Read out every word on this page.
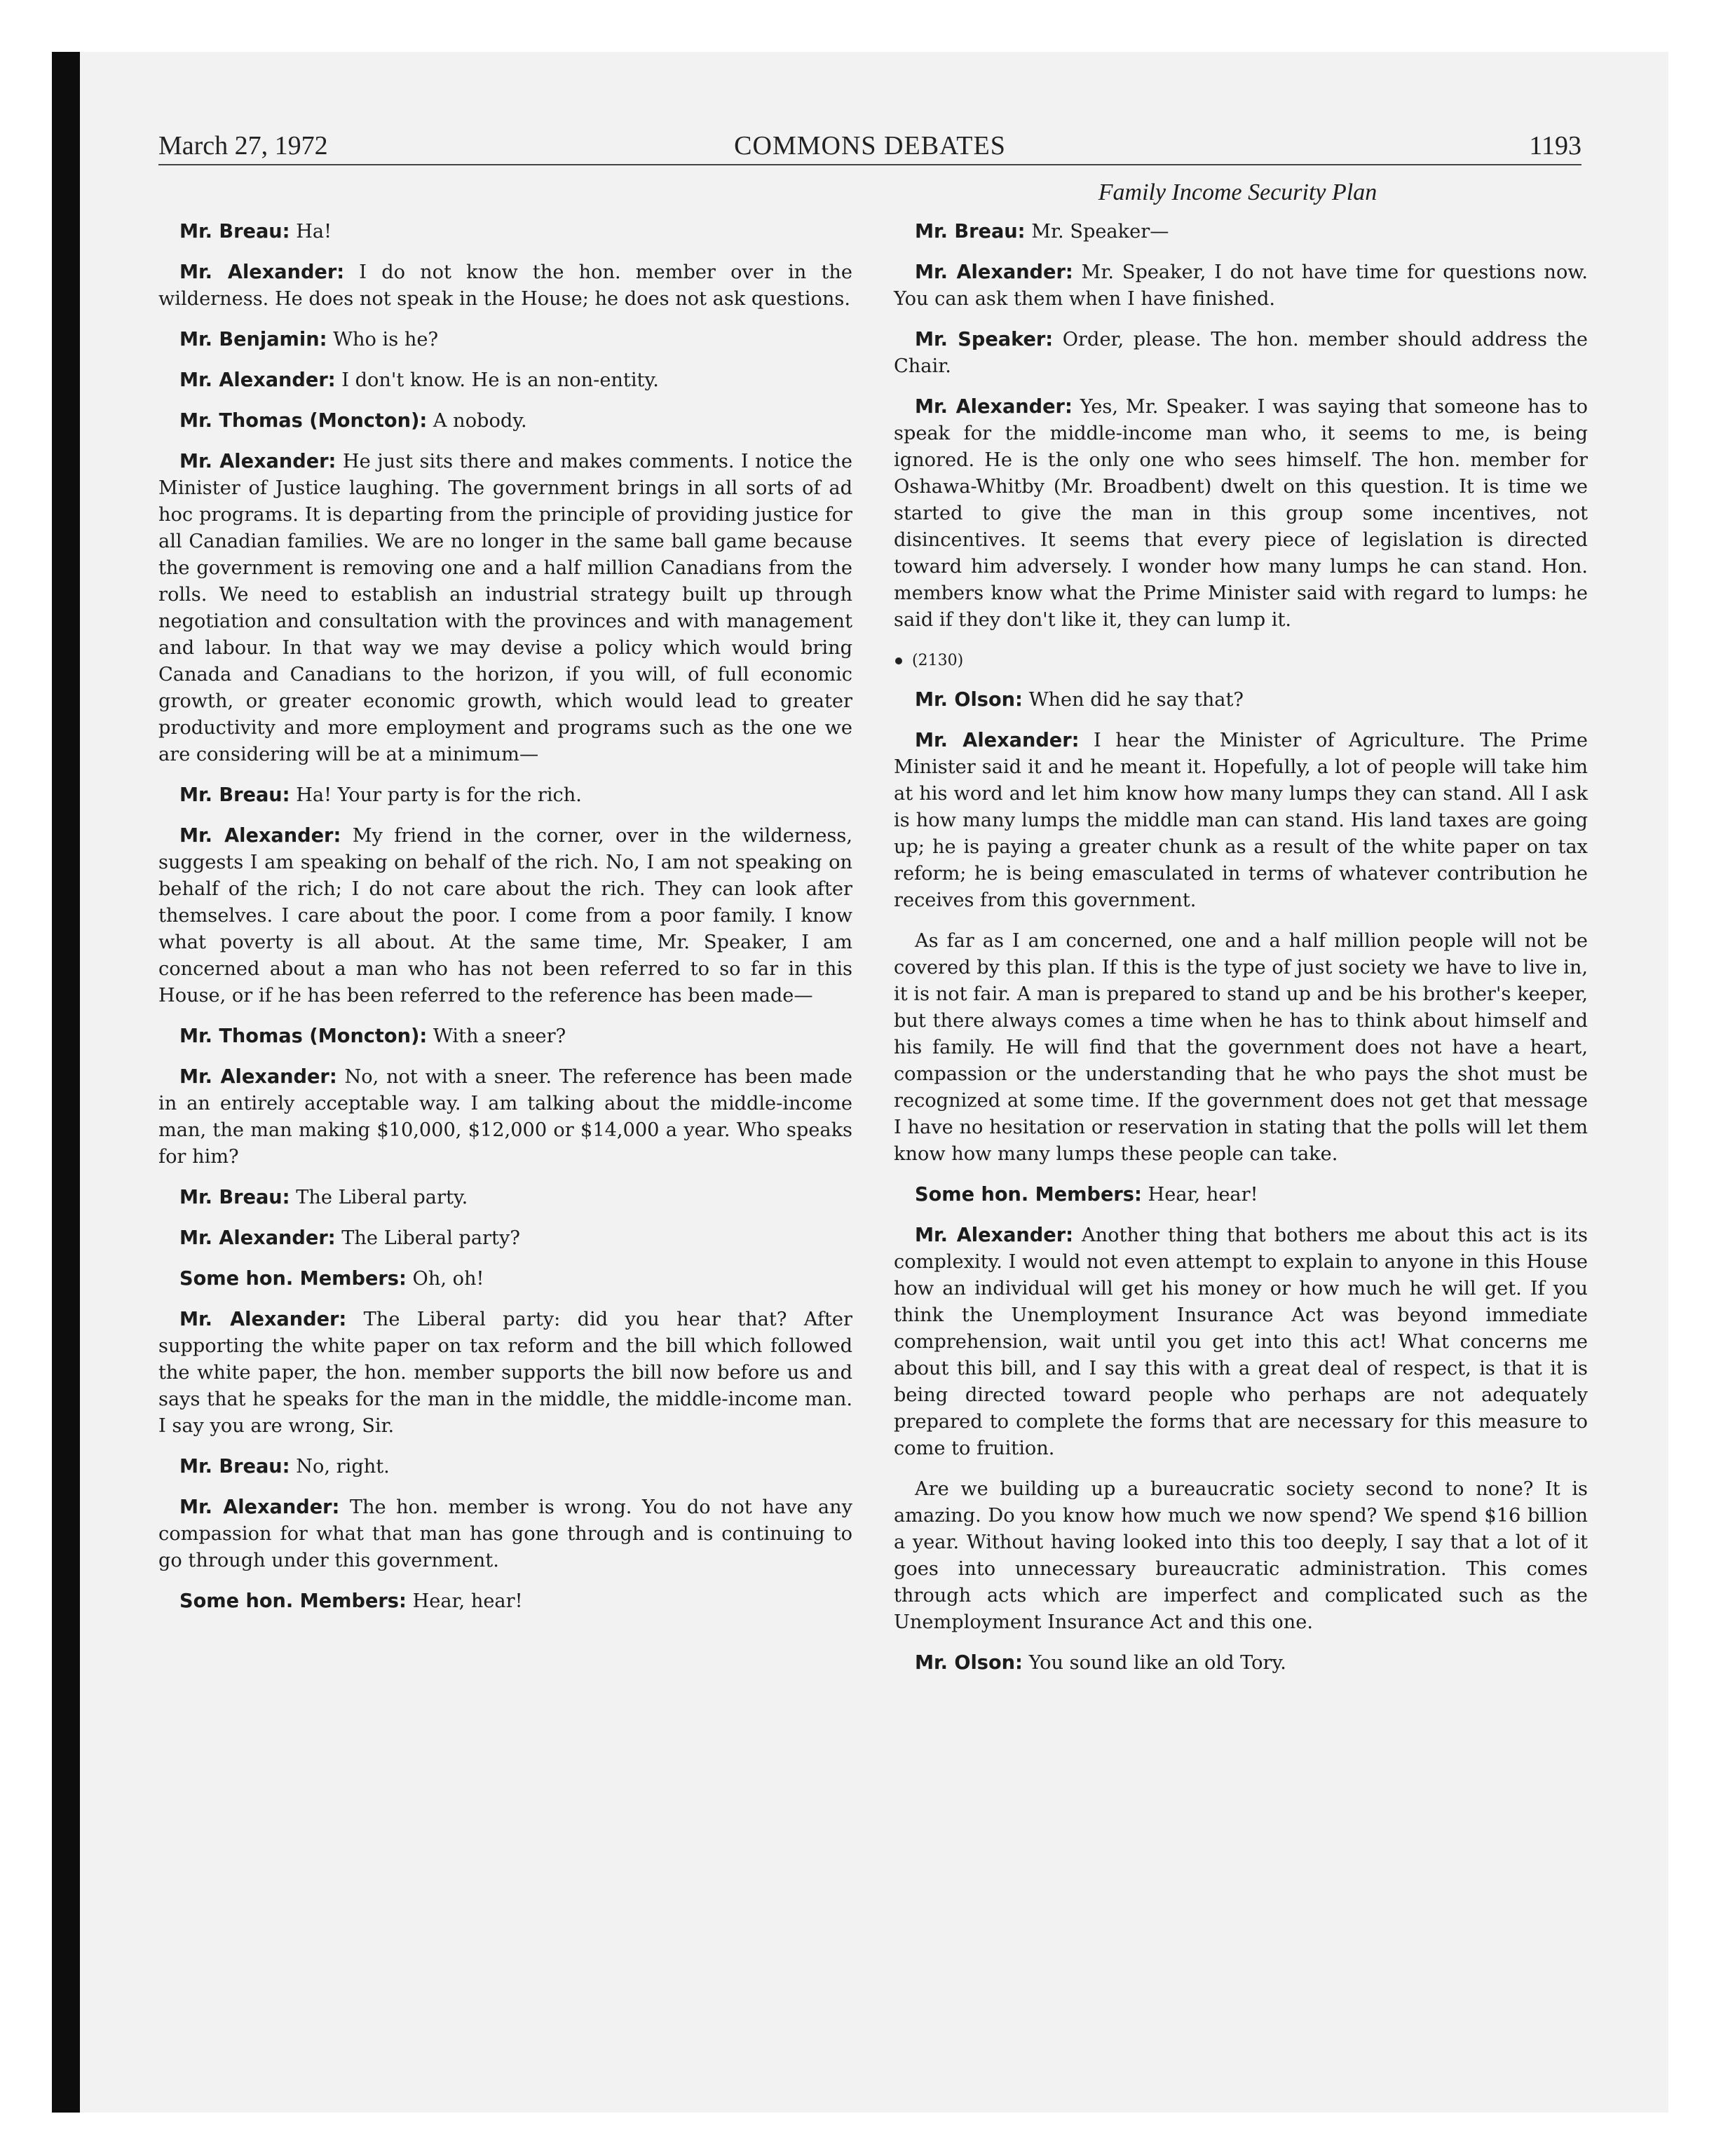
March 27, 1972	COMMONS DEBATES	1193
Family Income Security Plan

Mr. Breau: Ha!

Mr. Alexander: I do not know the hon. member over in the wilderness. He does not speak in the House; he does not ask questions.

Mr. Benjamin: Who is he?

Mr. Alexander: I don't know. He is an non-entity.

Mr. Thomas (Moncton): A nobody.

Mr. Alexander: He just sits there and makes comments. I notice the Minister of Justice laughing. The government brings in all sorts of ad hoc programs. It is departing from the principle of providing justice for all Canadian families. We are no longer in the same ball game because the government is removing one and a half million Canadians from the rolls. We need to establish an industrial strategy built up through negotiation and consultation with the provinces and with management and labour. In that way we may devise a policy which would bring Canada and Canadians to the horizon, if you will, of full economic growth, or greater economic growth, which would lead to greater productivity and more employment and programs such as the one we are considering will be at a minimum—

Mr. Breau: Ha! Your party is for the rich.

Mr. Alexander: My friend in the corner, over in the wilderness, suggests I am speaking on behalf of the rich. No, I am not speaking on behalf of the rich; I do not care about the rich. They can look after themselves. I care about the poor. I come from a poor family. I know what poverty is all about. At the same time, Mr. Speaker, I am concerned about a man who has not been referred to so far in this House, or if he has been referred to the reference has been made—

Mr. Thomas (Moncton): With a sneer?

Mr. Alexander: No, not with a sneer. The reference has been made in an entirely acceptable way. I am talking about the middle-income man, the man making $10,000, $12,000 or $14,000 a year. Who speaks for him?

Mr. Breau: The Liberal party.

Mr. Alexander: The Liberal party?

Some hon. Members: Oh, oh!

Mr. Alexander: The Liberal party: did you hear that? After supporting the white paper on tax reform and the bill which followed the white paper, the hon. member supports the bill now before us and says that he speaks for the man in the middle, the middle-income man. I say you are wrong, Sir.

Mr. Breau: No, right.

Mr. Alexander: The hon. member is wrong. You do not have any compassion for what that man has gone through and is continuing to go through under this government.

Some hon. Members: Hear, hear!

Mr. Breau: Mr. Speaker—

Mr. Alexander: Mr. Speaker, I do not have time for questions now. You can ask them when I have finished.

Mr. Speaker: Order, please. The hon. member should address the Chair.

Mr. Alexander: Yes, Mr. Speaker. I was saying that someone has to speak for the middle-income man who, it seems to me, is being ignored. He is the only one who sees himself. The hon. member for Oshawa-Whitby (Mr. Broadbent) dwelt on this question. It is time we started to give the man in this group some incentives, not disincentives. It seems that every piece of legislation is directed toward him adversely. I wonder how many lumps he can stand. Hon. members know what the Prime Minister said with regard to lumps: he said if they don't like it, they can lump it.

(2130)

Mr. Olson: When did he say that?

Mr. Alexander: I hear the Minister of Agriculture. The Prime Minister said it and he meant it. Hopefully, a lot of people will take him at his word and let him know how many lumps they can stand. All I ask is how many lumps the middle man can stand. His land taxes are going up; he is paying a greater chunk as a result of the white paper on tax reform; he is being emasculated in terms of whatever contribution he receives from this government.

As far as I am concerned, one and a half million people will not be covered by this plan. If this is the type of just society we have to live in, it is not fair. A man is prepared to stand up and be his brother's keeper, but there always comes a time when he has to think about himself and his family. He will find that the government does not have a heart, compassion or the understanding that he who pays the shot must be recognized at some time. If the government does not get that message I have no hesitation or reservation in stating that the polls will let them know how many lumps these people can take.

Some hon. Members: Hear, hear!

Mr. Alexander: Another thing that bothers me about this act is its complexity. I would not even attempt to explain to anyone in this House how an individual will get his money or how much he will get. If you think the Unemployment Insurance Act was beyond immediate comprehension, wait until you get into this act! What concerns me about this bill, and I say this with a great deal of respect, is that it is being directed toward people who perhaps are not adequately prepared to complete the forms that are necessary for this measure to come to fruition.

Are we building up a bureaucratic society second to none? It is amazing. Do you know how much we now spend? We spend $16 billion a year. Without having looked into this too deeply, I say that a lot of it goes into unnecessary bureaucratic administration. This comes through acts which are imperfect and complicated such as the Unemployment Insurance Act and this one.

Mr. Olson: You sound like an old Tory.
